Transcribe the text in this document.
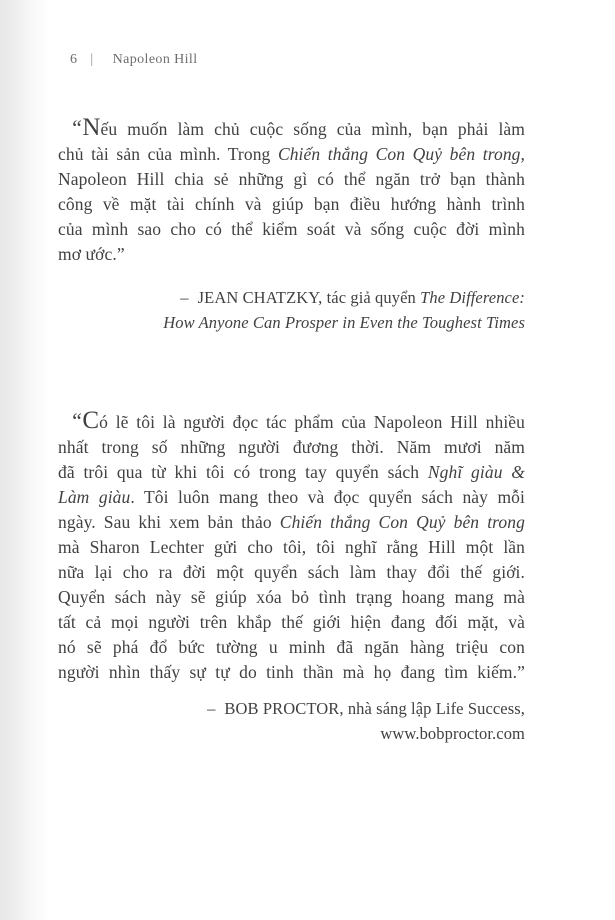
6 | Napoleon Hill
“Nếu muốn làm chủ cuộc sống của mình, bạn phải làm
chủ tài sản của mình. Trong Chiến thắng Con Quỷ bên trong,
Napoleon Hill chia sẻ những gì có thể ngăn trở bạn thành
công về mặt tài chính và giúp bạn điều hướng hành trình
của mình sao cho có thể kiểm soát và sống cuộc đời mình
mơ ước.”
– JEAN CHATZKY, tác giả quyển The Difference:
How Anyone Can Prosper in Even the Toughest Times
“Có lẽ tôi là người đọc tác phẩm của Napoleon Hill nhiều
nhất trong số những người đương thời. Năm mươi năm
đã trôi qua từ khi tôi có trong tay quyển sách Nghĩ giàu &
Làm giàu. Tôi luôn mang theo và đọc quyển sách này mỗi
ngày. Sau khi xem bản thảo Chiến thắng Con Quỷ bên trong
mà Sharon Lechter gửi cho tôi, tôi nghĩ rằng Hill một lần
nữa lại cho ra đời một quyển sách làm thay đổi thế giới.
Quyển sách này sẽ giúp xóa bỏ tình trạng hoang mang mà
tất cả mọi người trên khắp thế giới hiện đang đối mặt, và
nó sẽ phá đổ bức tường u minh đã ngăn hàng triệu con
người nhìn thấy sự tự do tinh thần mà họ đang tìm kiếm.”
– BOB PROCTOR, nhà sáng lập Life Success,
www.bobproctor.com
